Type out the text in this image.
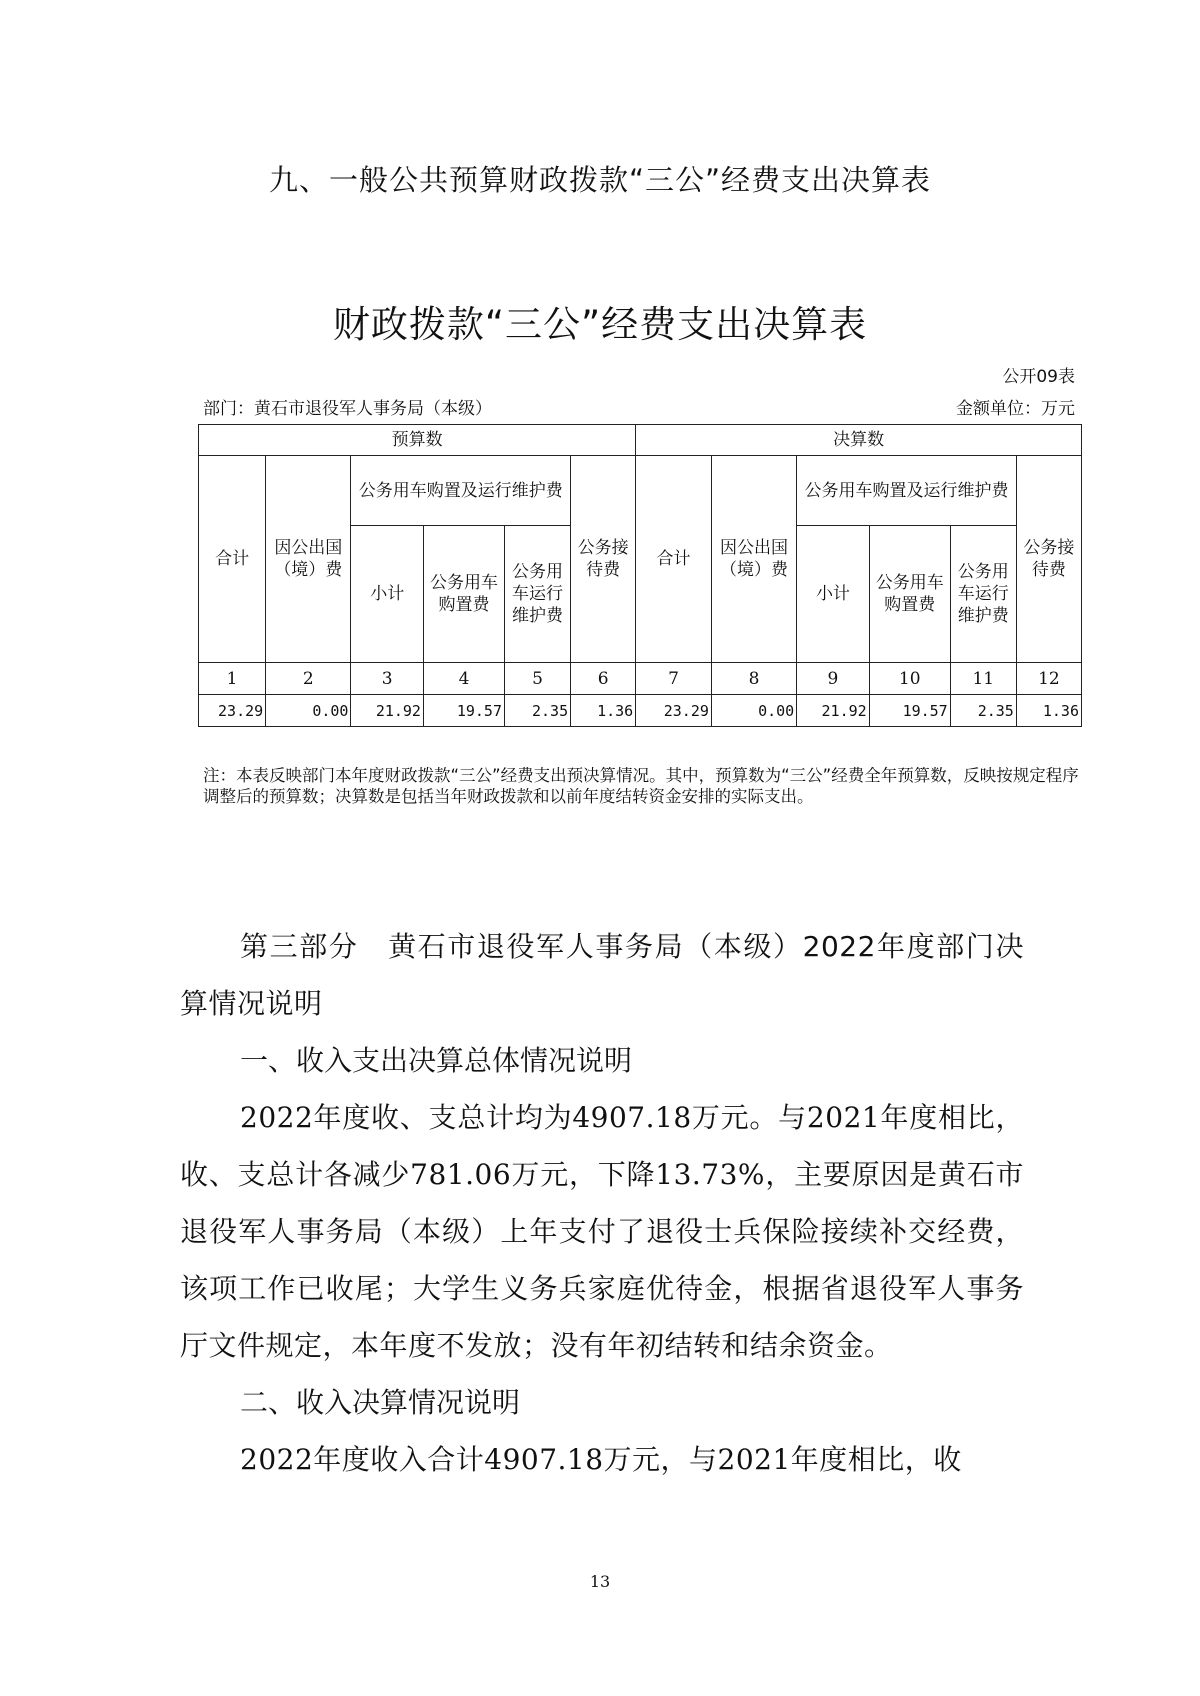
九、一般公共预算财政拨款“三公”经费支出决算表
财政拨款“三公”经费支出决算表
公开09表
部门：黄石市退役军人事务局（本级）	金额单位：万元
预算数						决算数					
合计	因公出国（境）费	公务用车购置及运行维护费			公务接待费	合计	因公出国（境）费	公务用车购置及运行维护费			公务接待费
		小计	公务用车购置费	公务用车运行维护费				小计	公务用车购置费	公务用车运行维护费	
1	2	3	4	5	6	7	8	9	10	11	12
23.29	0.00	21.92	19.57	2.35	1.36	23.29	0.00	21.92	19.57	2.35	1.36
注：本表反映部门本年度财政拨款“三公”经费支出预决算情况。其中，预算数为“三公”经费全年预算数，反映按规定程序调整后的预算数；决算数是包括当年财政拨款和以前年度结转资金安排的实际支出。

第三部分　黄石市退役军人事务局（本级）2022年度部门决算情况说明

一、收入支出决算总体情况说明

2022年度收、支总计均为4907.18万元。与2021年度相比，收、支总计各减少781.06万元，下降13.73%，主要原因是黄石市退役军人事务局（本级）上年支付了退役士兵保险接续补交经费，该项工作已收尾；大学生义务兵家庭优待金，根据省退役军人事务厅文件规定，本年度不发放；没有年初结转和结余资金。

二、收入决算情况说明

2022年度收入合计4907.18万元，与2021年度相比，收

13
